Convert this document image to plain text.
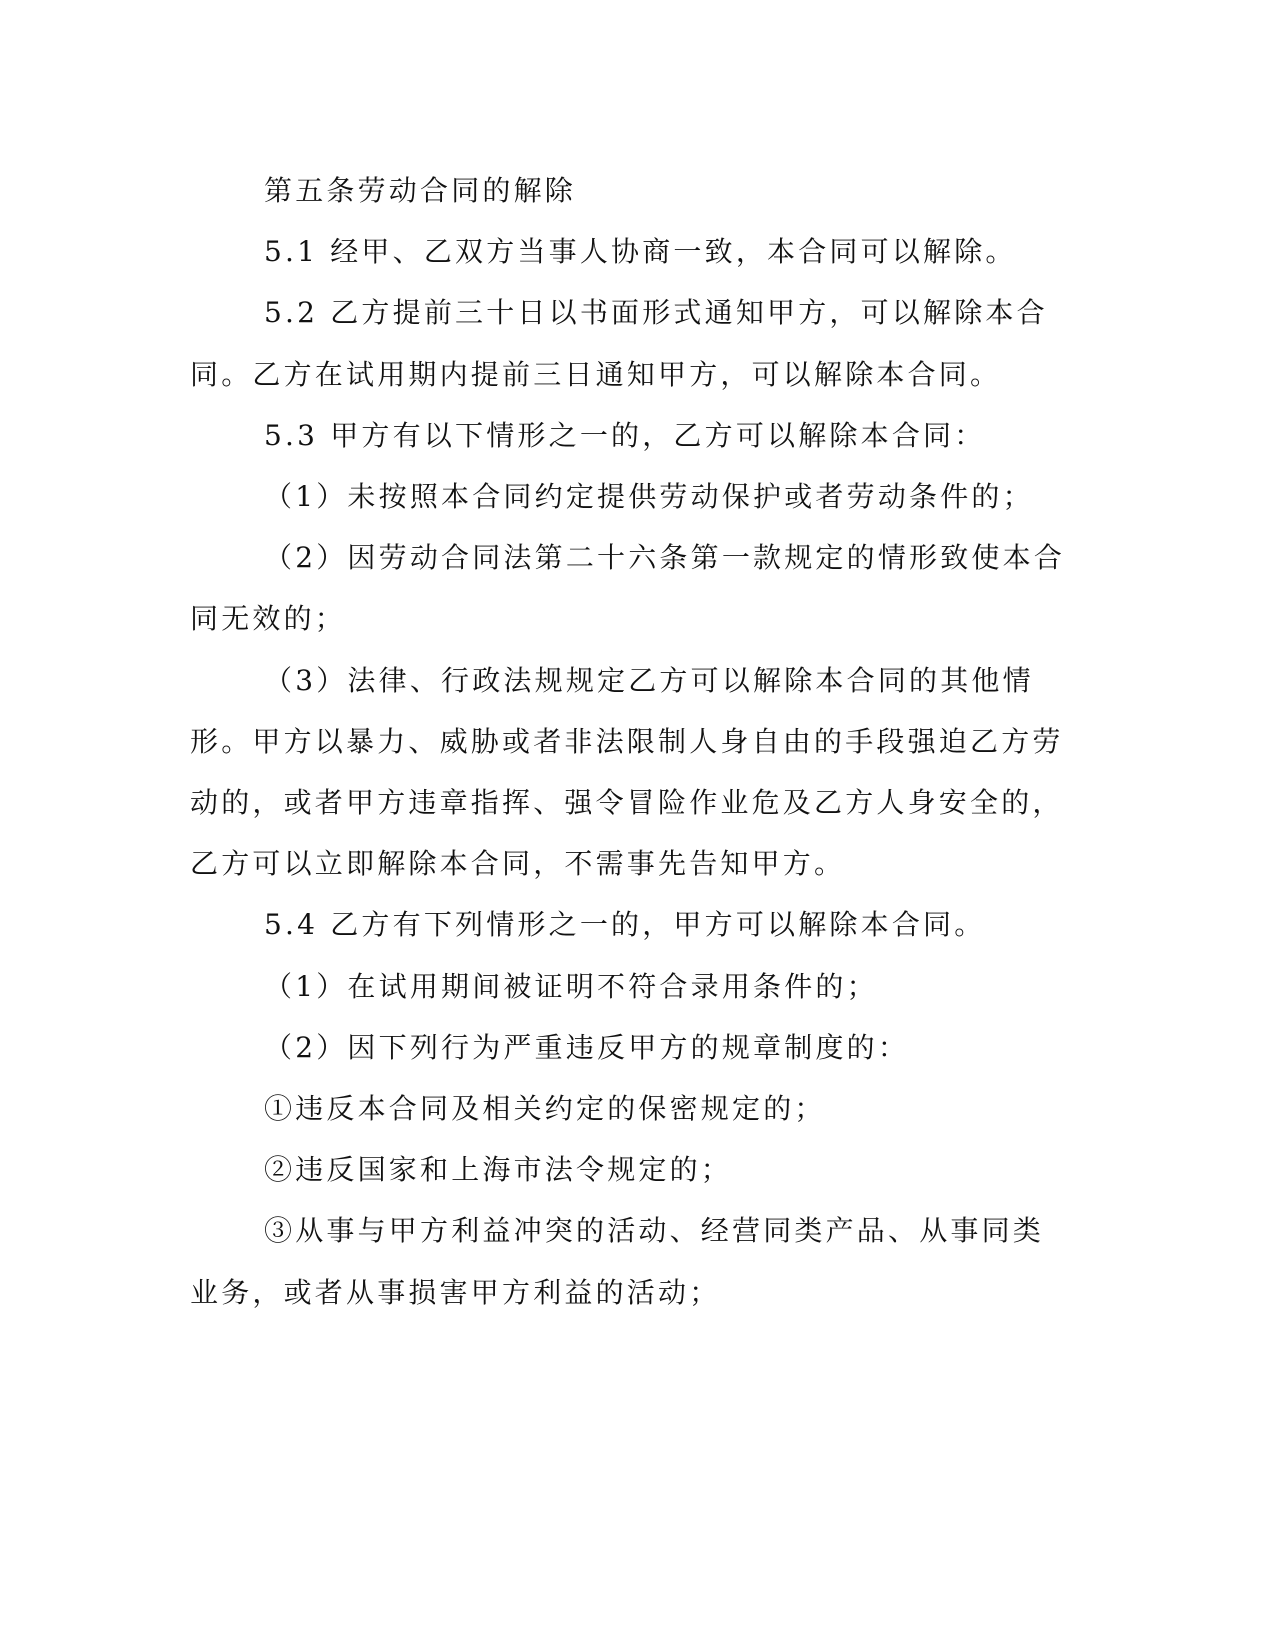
第五条劳动合同的解除

5.1 经甲、乙双方当事人协商一致，本合同可以解除。

5.2 乙方提前三十日以书面形式通知甲方，可以解除本合同。乙方在试用期内提前三日通知甲方，可以解除本合同。

5.3 甲方有以下情形之一的，乙方可以解除本合同：

（1）未按照本合同约定提供劳动保护或者劳动条件的；

（2）因劳动合同法第二十六条第一款规定的情形致使本合同无效的；

（3）法律、行政法规规定乙方可以解除本合同的其他情形。甲方以暴力、威胁或者非法限制人身自由的手段强迫乙方劳动的，或者甲方违章指挥、强令冒险作业危及乙方人身安全的，乙方可以立即解除本合同，不需事先告知甲方。

5.4 乙方有下列情形之一的，甲方可以解除本合同。

（1）在试用期间被证明不符合录用条件的；

（2）因下列行为严重违反甲方的规章制度的：

①违反本合同及相关约定的保密规定的；

②违反国家和上海市法令规定的；

③从事与甲方利益冲突的活动、经营同类产品、从事同类业务，或者从事损害甲方利益的活动；
